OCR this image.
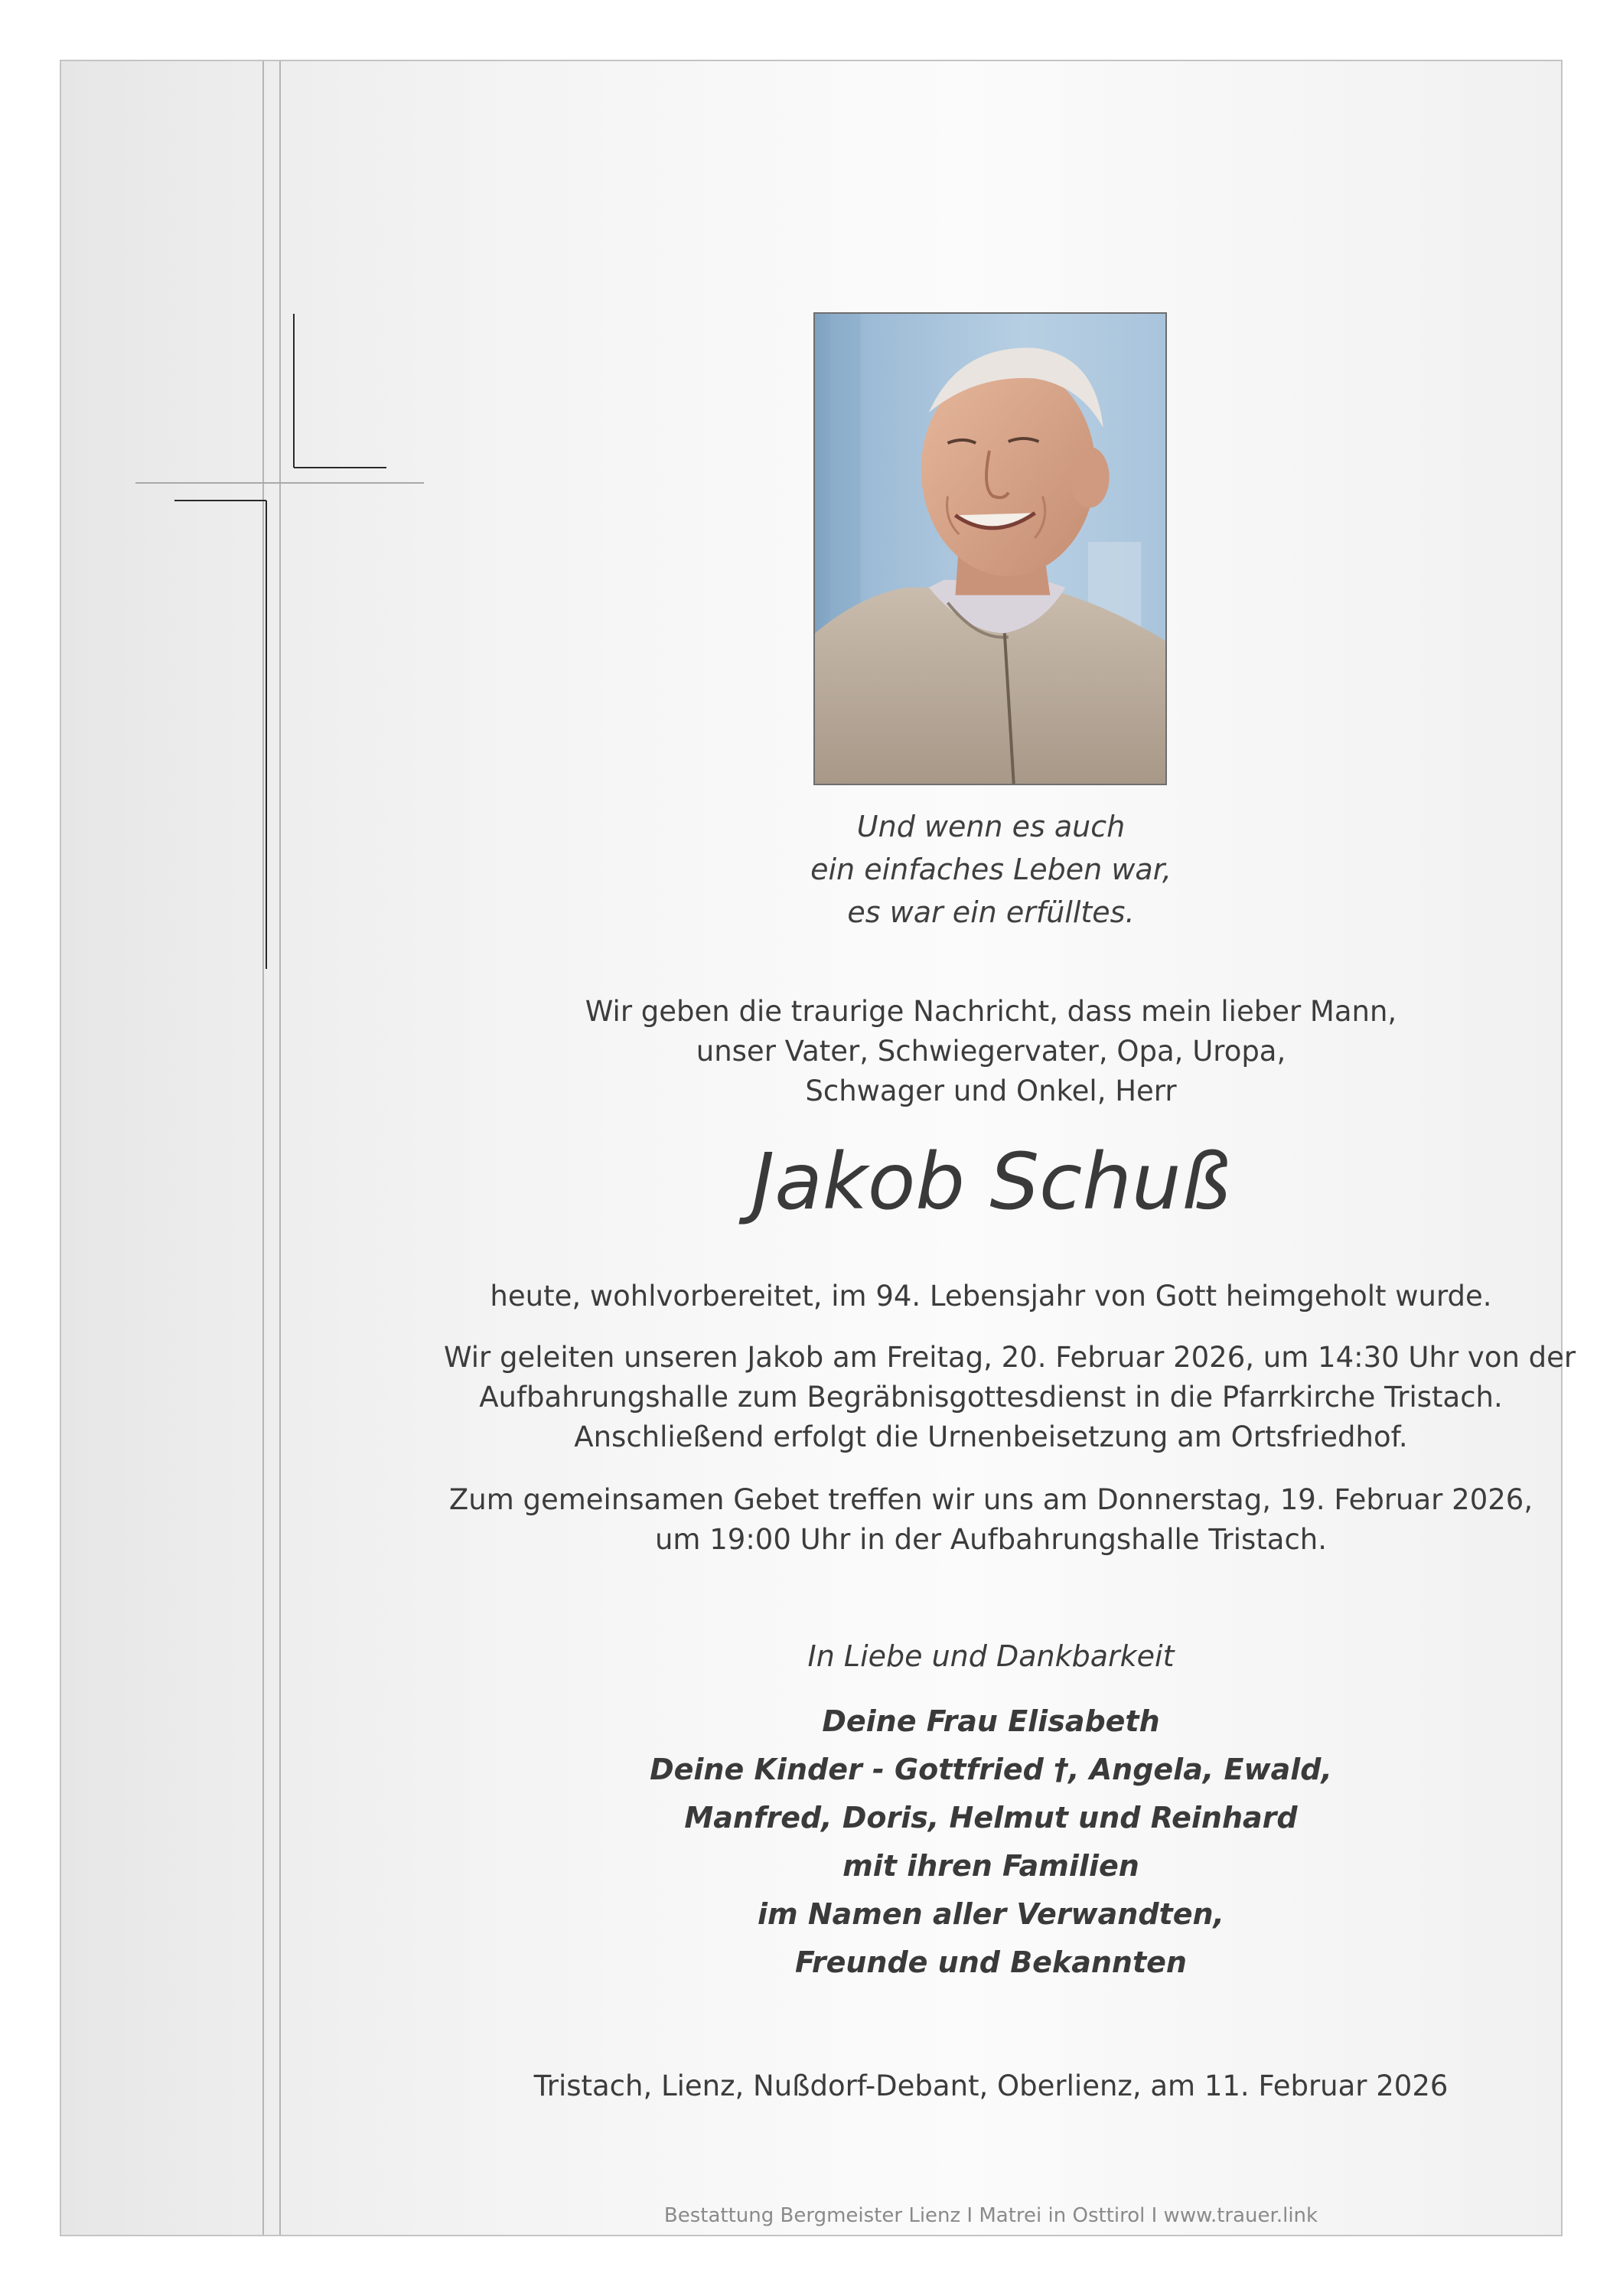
Und wenn es auch
ein einfaches Leben war,
es war ein erfülltes.
Wir geben die traurige Nachricht, dass mein lieber Mann,
unser Vater, Schwiegervater, Opa, Uropa,
Schwager und Onkel, Herr
Jakob Schuß
heute, wohlvorbereitet, im 94. Lebensjahr von Gott heimgeholt wurde.
Wir geleiten unseren Jakob am Freitag, 20. Februar 2026, um 14:30 Uhr von der
Aufbahrungshalle zum Begräbnisgottesdienst in die Pfarrkirche Tristach.
Anschließend erfolgt die Urnenbeisetzung am Ortsfriedhof.
Zum gemeinsamen Gebet treffen wir uns am Donnerstag, 19. Februar 2026,
um 19:00 Uhr in der Aufbahrungshalle Tristach.
In Liebe und Dankbarkeit
Deine Frau Elisabeth
Deine Kinder - Gottfried †, Angela, Ewald,
Manfred, Doris, Helmut und Reinhard
mit ihren Familien
im Namen aller Verwandten,
Freunde und Bekannten
Tristach, Lienz, Nußdorf-Debant, Oberlienz, am 11. Februar 2026
Bestattung Bergmeister Lienz I Matrei in Osttirol I www.trauer.link
